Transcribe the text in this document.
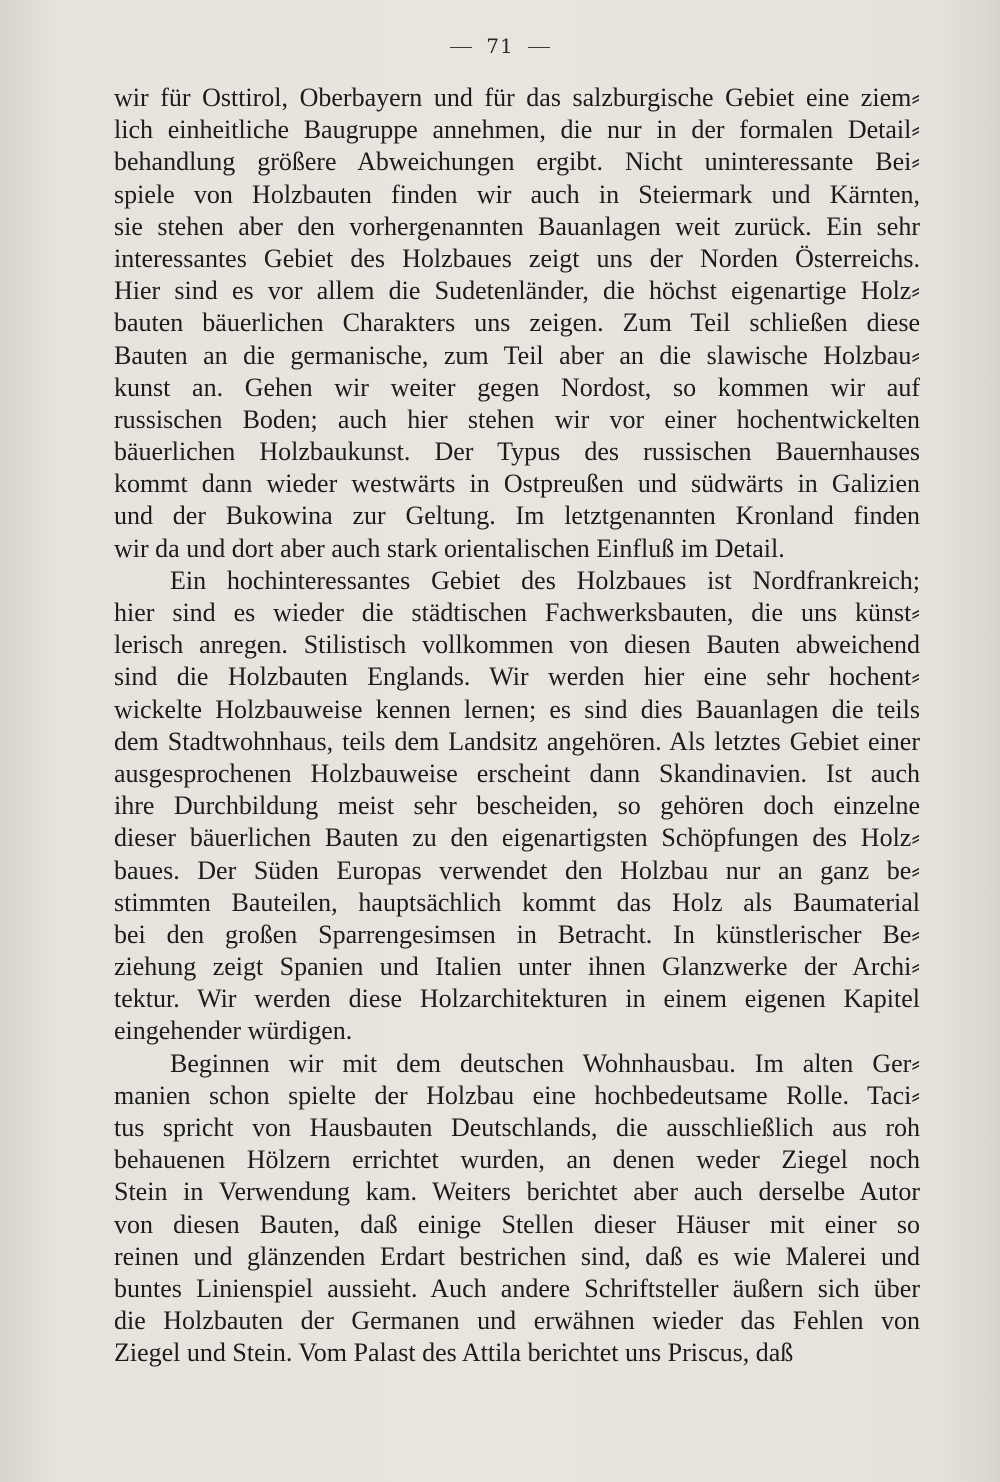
71
wir für Osttirol, Oberbayern und für das salzburgische Gebiet eine ziem⸗
lich einheitliche Baugruppe annehmen, die nur in der formalen Detail⸗
behandlung größere Abweichungen ergibt. Nicht uninteressante Bei⸗
spiele von Holzbauten finden wir auch in Steiermark und Kärnten,
sie stehen aber den vorhergenannten Bauanlagen weit zurück. Ein sehr
interessantes Gebiet des Holzbaues zeigt uns der Norden Österreichs.
Hier sind es vor allem die Sudetenländer, die höchst eigenartige Holz⸗
bauten bäuerlichen Charakters uns zeigen. Zum Teil schließen diese
Bauten an die germanische, zum Teil aber an die slawische Holzbau⸗
kunst an. Gehen wir weiter gegen Nordost, so kommen wir auf
russischen Boden; auch hier stehen wir vor einer hochentwickelten
bäuerlichen Holzbaukunst. Der Typus des russischen Bauernhauses
kommt dann wieder westwärts in Ostpreußen und südwärts in Galizien
und der Bukowina zur Geltung. Im letztgenannten Kronland finden
wir da und dort aber auch stark orientalischen Einfluß im Detail.
Ein hochinteressantes Gebiet des Holzbaues ist Nordfrankreich;
hier sind es wieder die städtischen Fachwerksbauten, die uns künst⸗
lerisch anregen. Stilistisch vollkommen von diesen Bauten abweichend
sind die Holzbauten Englands. Wir werden hier eine sehr hochent⸗
wickelte Holzbauweise kennen lernen; es sind dies Bauanlagen die teils
dem Stadtwohnhaus, teils dem Landsitz angehören. Als letztes Gebiet einer
ausgesprochenen Holzbauweise erscheint dann Skandinavien. Ist auch
ihre Durchbildung meist sehr bescheiden, so gehören doch einzelne
dieser bäuerlichen Bauten zu den eigenartigsten Schöpfungen des Holz⸗
baues. Der Süden Europas verwendet den Holzbau nur an ganz be⸗
stimmten Bauteilen, hauptsächlich kommt das Holz als Baumaterial
bei den großen Sparrengesimsen in Betracht. In künstlerischer Be⸗
ziehung zeigt Spanien und Italien unter ihnen Glanzwerke der Archi⸗
tektur. Wir werden diese Holzarchitekturen in einem eigenen Kapitel
eingehender würdigen.
Beginnen wir mit dem deutschen Wohnhausbau. Im alten Ger⸗
manien schon spielte der Holzbau eine hochbedeutsame Rolle. Taci⸗
tus spricht von Hausbauten Deutschlands, die ausschließlich aus roh
behauenen Hölzern errichtet wurden, an denen weder Ziegel noch
Stein in Verwendung kam. Weiters berichtet aber auch derselbe Autor
von diesen Bauten, daß einige Stellen dieser Häuser mit einer so
reinen und glänzenden Erdart bestrichen sind, daß es wie Malerei und
buntes Linienspiel aussieht. Auch andere Schriftsteller äußern sich über
die Holzbauten der Germanen und erwähnen wieder das Fehlen von
Ziegel und Stein. Vom Palast des Attila berichtet uns Priscus, daß
